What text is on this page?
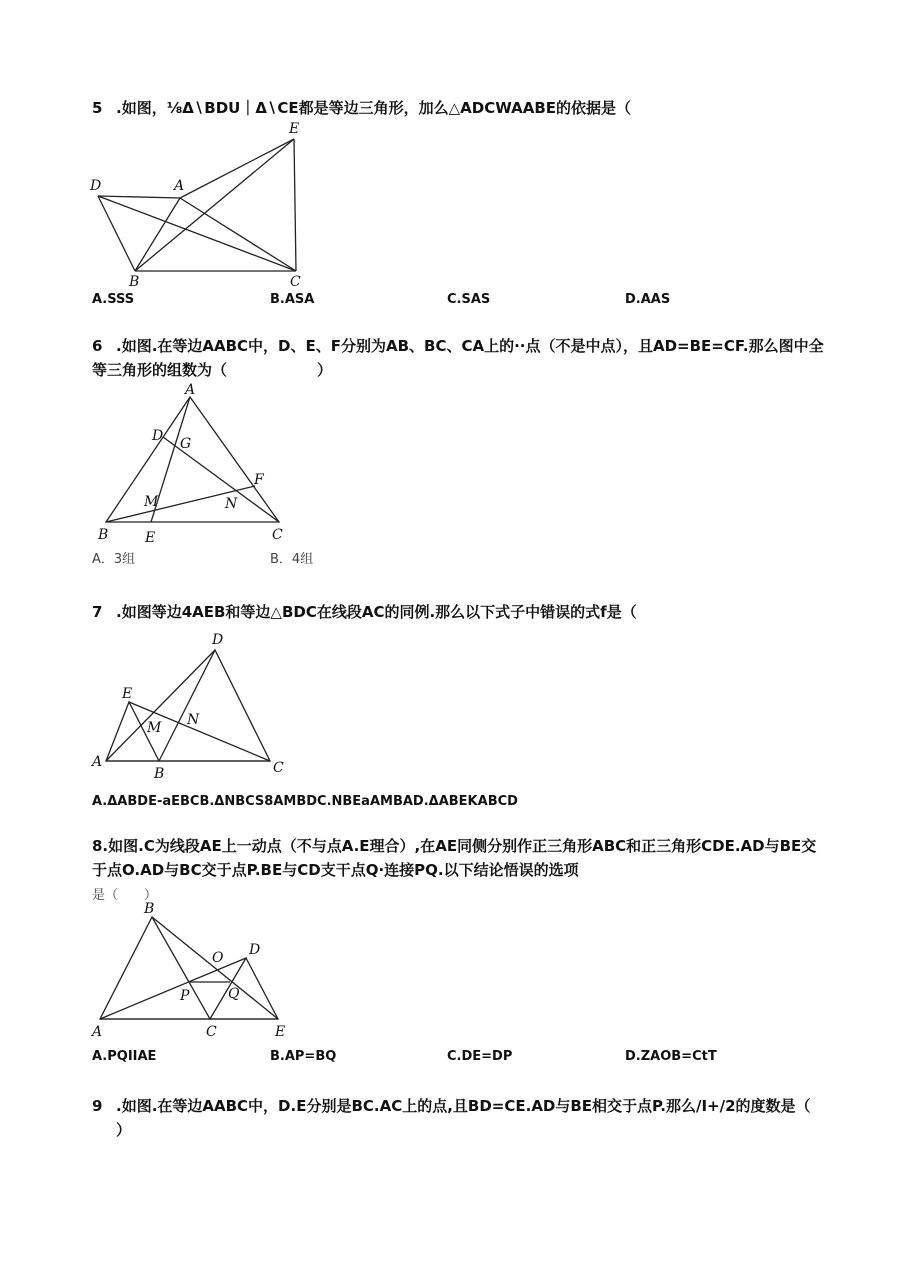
5 .如图，⅛Δ∖BDU｜Δ∖CE都是等边三角形，加么△ADCWAABE的依据是（
D	A
E
B	C
A.SSS	B.ASA	C.SAS	D.AAS
6 .如图.在等边AABC中，D、E、F分别为AB、BC、CA上的··点（不是中点），且AD=BE=CF.那么图中全
等三角形的组数为（　　　　　　）
A
D G
F
M	N
B	E	C
A．3组	B．4组
7 .如图等边4AEB和等边△BDC在线段AC的同例.那么以下式子中错误的式f是（
D
E
M N
A
B	C
A.ΔABDE-aEBCB.ΔNBCS8AMBDC.NBEaAMBAD.ΔABEKABCD
8.如图.C为线段AE上一动点（不与点A.E理合）,在AE同侧分别作正三角形ABC和正三角形CDE.AD与BE交
于点O.AD与BC交于点P.BE与CD支干点Q·连接PQ.以下结论悟误的选项
是（　　）
B
O D
P	Q
A	C	E
A.PQIIAE	B.AP=BQ	C.DE=DP	D.ZAOB=CtT
9 .如图.在等边AABC中，D.E分别是BC.AC上的点,且BD=CE.AD与BE相交于点P.那么/I+/2的度数是（
）
